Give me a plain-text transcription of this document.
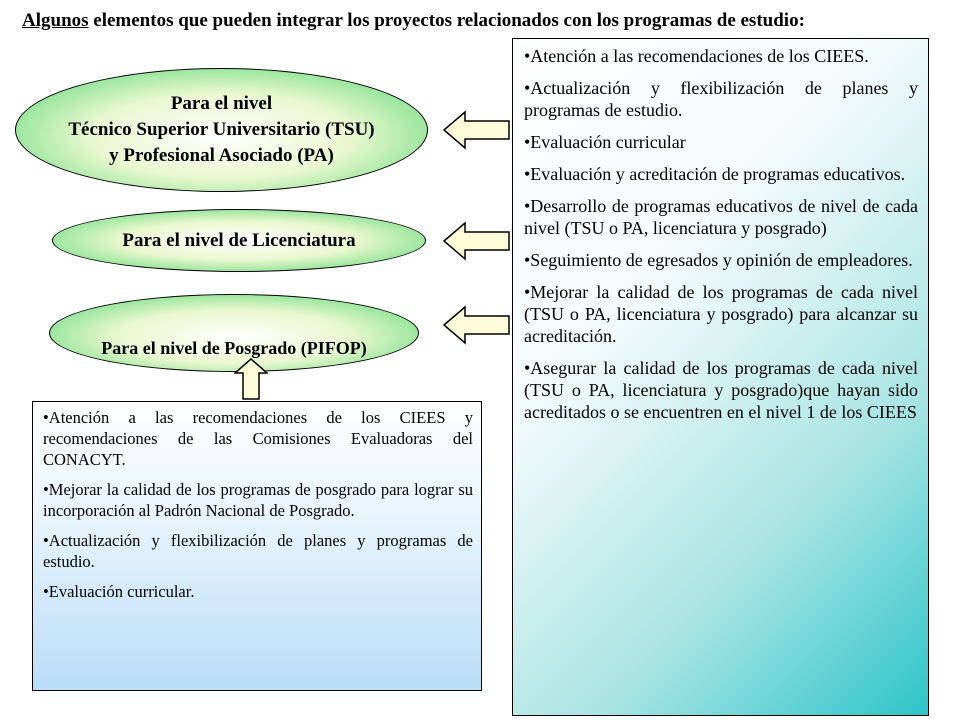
Algunos elementos que pueden integrar los proyectos relacionados con los programas de estudio:
Para el nivel
Técnico Superior Universitario (TSU)
y Profesional Asociado (PA)
Para el nivel de Licenciatura
Para el nivel de Posgrado (PIFOP)

•Atención a las recomendaciones de los CIEES.

•Actualización y flexibilización de planes y programas de estudio.

•Evaluación curricular

•Evaluación y acreditación de programas educativos.

•Desarrollo de programas educativos de nivel de cada nivel (TSU o PA, licenciatura y posgrado)

•Seguimiento de egresados y opinión de empleadores.

•Mejorar la calidad de los programas de cada nivel (TSU o PA, licenciatura y posgrado) para alcanzar su acreditación.

•Asegurar la calidad de los programas de cada nivel (TSU o PA, licenciatura y posgrado)que hayan sido acreditados o se encuentren en el nivel 1 de los CIEES

•Atención a las recomendaciones de los CIEES y recomendaciones de las Comisiones Evaluadoras del CONACYT.

•Mejorar la calidad de los programas de posgrado para lograr su incorporación al Padrón Nacional de Posgrado.

•Actualización y flexibilización de planes y programas de estudio.

•Evaluación curricular.
